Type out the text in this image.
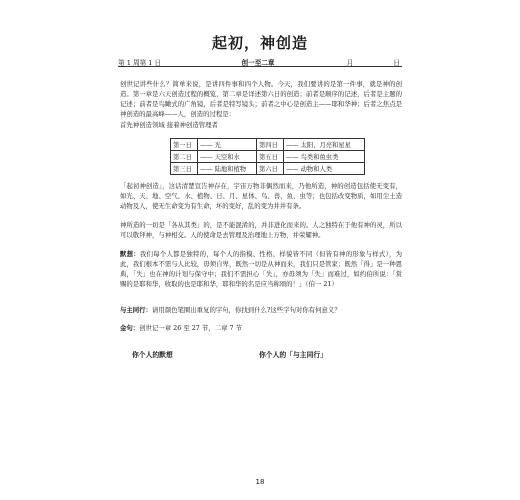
起初，神创造
第 1 周第 1 日	创一至二章	月	日
创世记讲些什么？简单来说，是讲四件事和四个人物。今天，我们要讲的是第一件事，就是神的创造。第一章是六天创造过程的概览，第二章是详述第六日的创造；前者是顺序的记述，后者是主题的记述；前者是鸟瞰式的广角镜，后者是特写镜头；前者之中心是创造主——耶和华神；后者之焦点是神创造的最高峰——人，创造的过程是：
首先神创造领域 接着神创造管理者
第一日	—— 光	第四日	—— 太阳、月亮和星星
第二日	—— 天空和水	第五日	—— 鸟类和鱼虫类
第三日	—— 陆地和植物	第六日	—— 动物和人类
「起初神创造」，这话清楚宣告神存在，宇宙万物非偶然而来，乃他所造，神的创造包括使无变有，如光、天、地、空气、水、植物、日、月、星体、鸟、兽、鱼、虫等；也包括改变物质，如用尘土造动物及人，使无生命变为有生命，坏的变好，乱的变为井井有条。
神所造的一切是「各从其类」的，是不能混淆的，并非进化而来的。人之独特在于他有神的灵，所以可以敬拜神，与神相交。人的使命是去管理及治理地上万物，并荣耀神。
默想：我们每个人都是独特的，每个人的指模、性格、样貌皆不同（但皆有神的形象与样式），为此，我们根本不需与人比较，毋须自卑，既然一切是从神而来，我们只是管家；既然「得」是一种恩典，「失」也在神的计划与保守中；我们不需担心「失」，亦毋须为「失」而难过，如约伯所说：「赏赐的是耶和华，收取的也是耶和华，耶和华的名是应当称颂的！」（伯一 21）
与主同行：请用颜色笔圈出重复的字句，你找到什么?这些字句对你有何意义？
金句：创世记一章 26 至 27 节，二章 7 节
你个人的默想	你个人的「与主同行」
18
